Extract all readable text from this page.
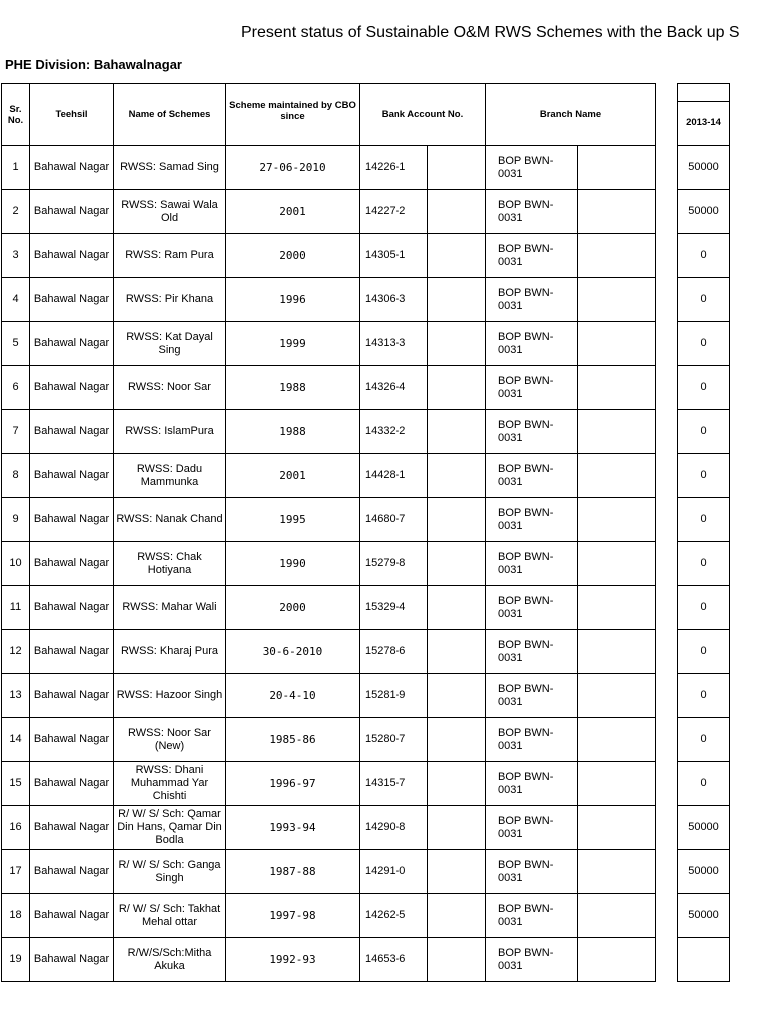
Present status of Sustainable O&M RWS Schemes with the Back up S
PHE Division: Bahawalnagar
Sr. No.	Teehsil	Name of Schemes	Scheme maintained by CBO since	Bank Account No.		Branch Name			2013-14

1	Bahawal Nagar	RWSS: Samad Sing	27-06-2010	14226-1		BOP BWN-0031			50000
2	Bahawal Nagar	RWSS: Sawai Wala Old	2001	14227-2		BOP BWN-0031			50000
3	Bahawal Nagar	RWSS: Ram Pura	2000	14305-1		BOP BWN-0031			0
4	Bahawal Nagar	RWSS: Pir Khana	1996	14306-3		BOP BWN-0031			0
5	Bahawal Nagar	RWSS: Kat Dayal Sing	1999	14313-3		BOP BWN-0031			0
6	Bahawal Nagar	RWSS: Noor Sar	1988	14326-4		BOP BWN-0031			0
7	Bahawal Nagar	RWSS: IslamPura	1988	14332-2		BOP BWN-0031			0
8	Bahawal Nagar	RWSS: Dadu Mammunka	2001	14428-1		BOP BWN-0031			0
9	Bahawal Nagar	RWSS: Nanak Chand	1995	14680-7		BOP BWN-0031			0
10	Bahawal Nagar	RWSS: Chak Hotiyana	1990	15279-8		BOP BWN-0031			0
11	Bahawal Nagar	RWSS: Mahar Wali	2000	15329-4		BOP BWN-0031			0
12	Bahawal Nagar	RWSS: Kharaj Pura	30-6-2010	15278-6		BOP BWN-0031			0
13	Bahawal Nagar	RWSS: Hazoor Singh	20-4-10	15281-9		BOP BWN-0031			0
14	Bahawal Nagar	RWSS: Noor Sar (New)	1985-86	15280-7		BOP BWN-0031			0
15	Bahawal Nagar	RWSS: Dhani Muhammad Yar Chishti	1996-97	14315-7		BOP BWN-0031			0
16	Bahawal Nagar	R/ W/ S/ Sch: Qamar Din Hans, Qamar Din Bodla	1993-94	14290-8		BOP BWN-0031			50000
17	Bahawal Nagar	R/ W/ S/ Sch: Ganga Singh	1987-88	14291-0		BOP BWN-0031			50000
18	Bahawal Nagar	R/ W/ S/ Sch: Takhat Mehal ottar	1997-98	14262-5		BOP BWN-0031			50000
19	Bahawal Nagar	R/W/S/Sch:Mitha Akuka	1992-93	14653-6		BOP BWN-0031			
